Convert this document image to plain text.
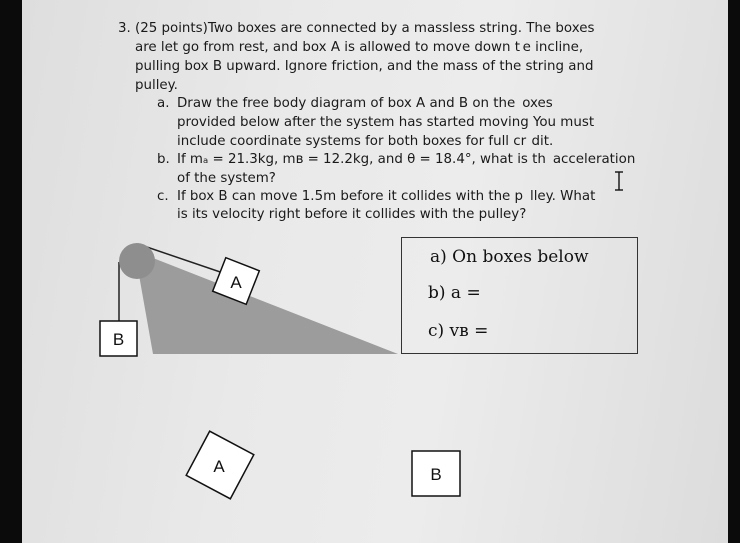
3. (25 points)Two boxes are connected by a massless string. The boxes
are let go from rest, and box A is allowed to move down t e incline,
pulling box B upward. Ignore friction, and the mass of the string and
pulley.
a. Draw the free body diagram of box A and B on the  oxes
provided below after the system has started moving You must
include coordinate systems for both boxes for full cr  dit.
b. If mₐ = 21.3kg, mʙ = 12.2kg, and θ = 18.4°, what is th  acceleration
of the system?
c. If box B can move 1.5m before it collides with the p  lley. What
is its velocity right before it collides with the pulley?
A
B
A	B
a) On boxes below
b) a =
c) vʙ =
